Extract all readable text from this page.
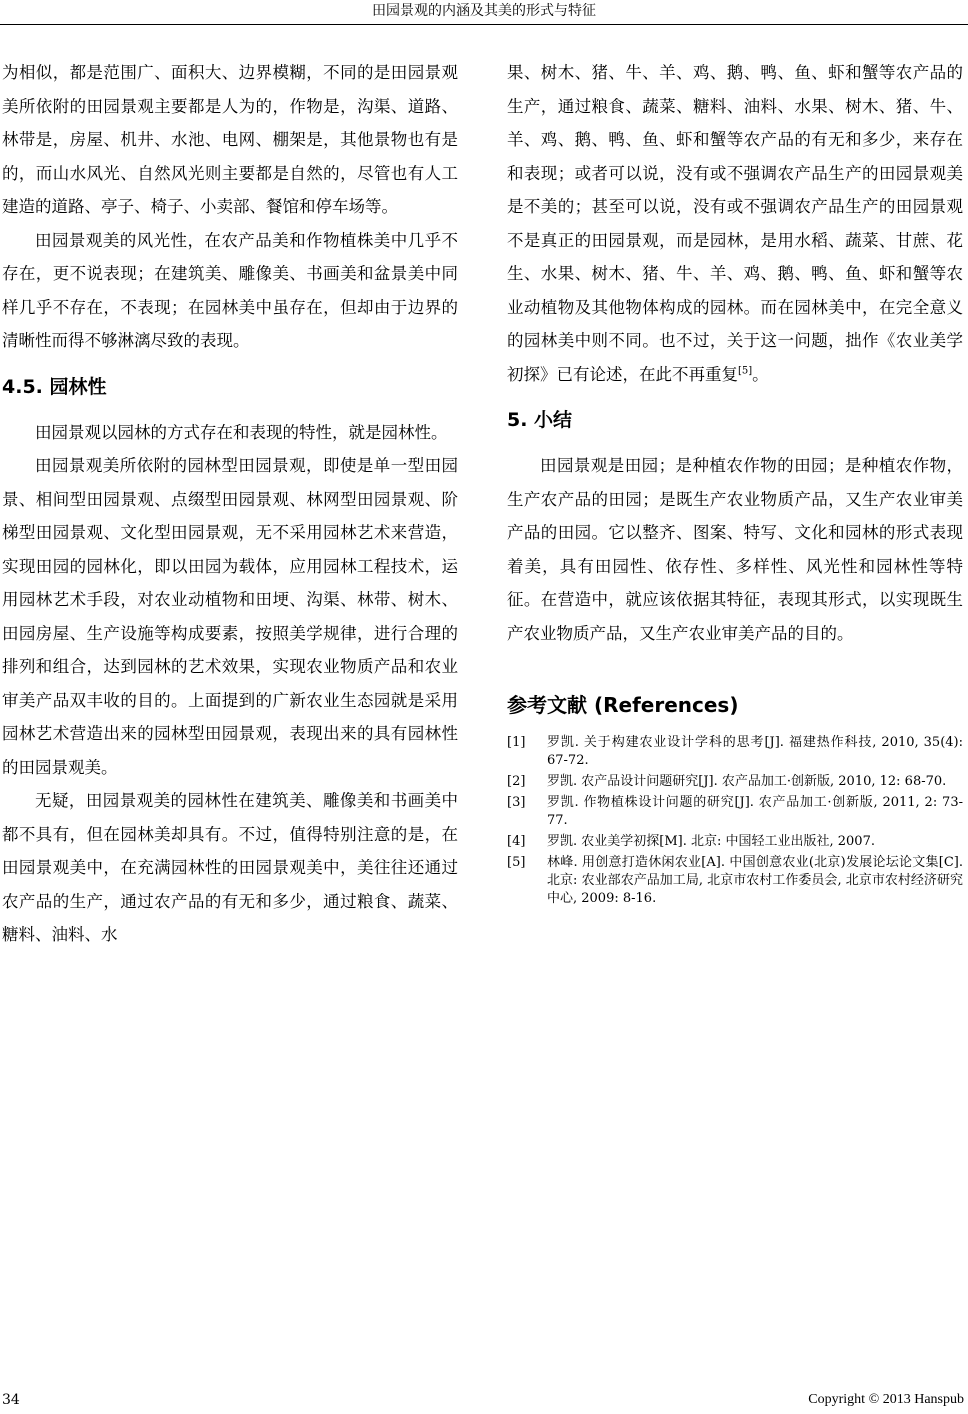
田园景观的内涵及其美的形式与特征

为相似，都是范围广、面积大、边界模糊，不同的是田园景观美所依附的田园景观主要都是人为的，作物是，沟渠、道路、林带是，房屋、机井、水池、电网、棚架是，其他景物也有是的，而山水风光、自然风光则主要都是自然的，尽管也有人工建造的道路、亭子、椅子、小卖部、餐馆和停车场等。

田园景观美的风光性，在农产品美和作物植株美中几乎不存在，更不说表现；在建筑美、雕像美、书画美和盆景美中同样几乎不存在，不表现；在园林美中虽存在，但却由于边界的清晰性而得不够淋漓尽致的表现。

4.5. 园林性

田园景观以园林的方式存在和表现的特性，就是园林性。

田园景观美所依附的园林型田园景观，即使是单一型田园景、相间型田园景观、点缀型田园景观、林网型田园景观、阶梯型田园景观、文化型田园景观，无不采用园林艺术来营造，实现田园的园林化，即以田园为载体，应用园林工程技术，运用园林艺术手段，对农业动植物和田埂、沟渠、林带、树木、田园房屋、生产设施等构成要素，按照美学规律，进行合理的排列和组合，达到园林的艺术效果，实现农业物质产品和农业审美产品双丰收的目的。上面提到的广新农业生态园就是采用园林艺术营造出来的园林型田园景观，表现出来的具有园林性的田园景观美。

无疑，田园景观美的园林性在建筑美、雕像美和书画美中都不具有，但在园林美却具有。不过，值得特别注意的是，在田园景观美中，在充满园林性的田园景观美中，美往往还通过农产品的生产，通过农产品的有无和多少，通过粮食、蔬菜、糖料、油料、水

果、树木、猪、牛、羊、鸡、鹅、鸭、鱼、虾和蟹等农产品的生产，通过粮食、蔬菜、糖料、油料、水果、树木、猪、牛、羊、鸡、鹅、鸭、鱼、虾和蟹等农产品的有无和多少，来存在和表现；或者可以说，没有或不强调农产品生产的田园景观美是不美的；甚至可以说，没有或不强调农产品生产的田园景观不是真正的田园景观，而是园林，是用水稻、蔬菜、甘蔗、花生、水果、树木、猪、牛、羊、鸡、鹅、鸭、鱼、虾和蟹等农业动植物及其他物体构成的园林。而在园林美中，在完全意义的园林美中则不同。也不过，关于这一问题，拙作《农业美学初探》已有论述，在此不再重复[5]。

5. 小结

田园景观是田园；是种植农作物的田园；是种植农作物，生产农产品的田园；是既生产农业物质产品，又生产农业审美产品的田园。它以整齐、图案、特写、文化和园林的形式表现着美，具有田园性、依存性、多样性、风光性和园林性等特征。在营造中，就应该依据其特征，表现其形式，以实现既生产农业物质产品，又生产农业审美产品的目的。

参考文献 (References)
[1]	罗凯. 关于构建农业设计学科的思考[J]. 福建热作科技, 2010, 35(4): 67-72.
[2]	罗凯. 农产品设计问题研究[J]. 农产品加工·创新版, 2010, 12: 68-70.
[3]	罗凯. 作物植株设计问题的研究[J]. 农产品加工·创新版, 2011, 2: 73-77.
[4]	罗凯. 农业美学初探[M]. 北京: 中国轻工业出版社, 2007.
[5]	林峰. 用创意打造休闲农业[A]. 中国创意农业(北京)发展论坛论文集[C]. 北京: 农业部农产品加工局, 北京市农村工作委员会, 北京市农村经济研究中心, 2009: 8-16.
34	Copyright © 2013 Hanspub
